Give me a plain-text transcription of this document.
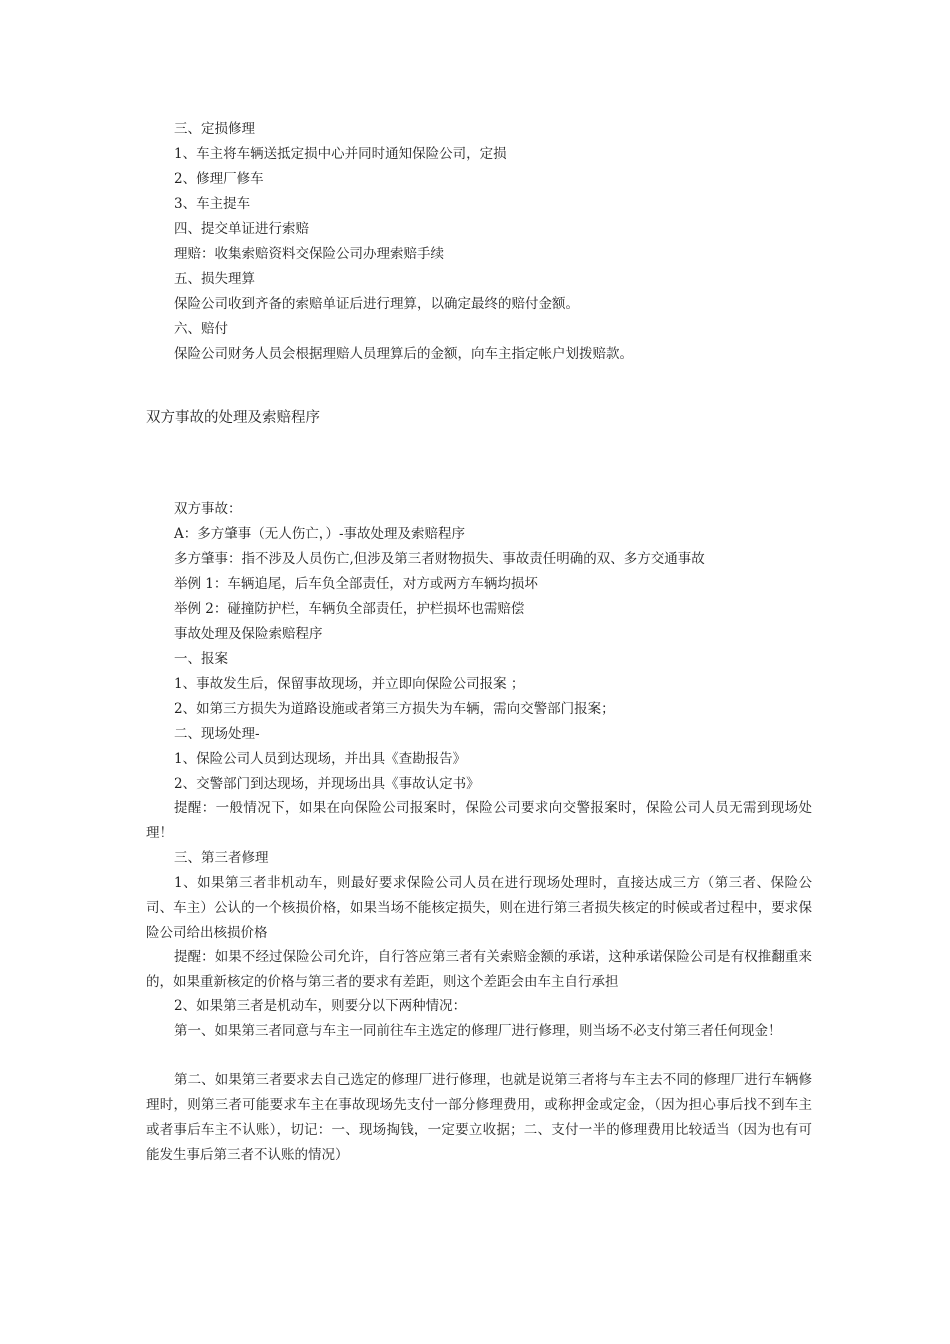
三、定损修理
1、车主将车辆送抵定损中心并同时通知保险公司，定损
2、修理厂修车
3、车主提车
四、提交单证进行索赔
理赔：收集索赔资料交保险公司办理索赔手续
五、损失理算
保险公司收到齐备的索赔单证后进行理算，以确定最终的赔付金额。
六、赔付
保险公司财务人员会根据理赔人员理算后的金额，向车主指定帐户划拨赔款。
双方事故的处理及索赔程序
双方事故：
A：多方肇事（无人伤亡，）-事故处理及索赔程序
多方肇事：指不涉及人员伤亡,但涉及第三者财物损失、事故责任明确的双、多方交通事故
举例 1：车辆追尾，后车负全部责任，对方或两方车辆均损坏
举例 2：碰撞防护栏，车辆负全部责任，护栏损坏也需赔偿
事故处理及保险索赔程序
一、报案
1、事故发生后，保留事故现场，并立即向保险公司报案 ；
2、如第三方损失为道路设施或者第三方损失为车辆，需向交警部门报案；
二、现场处理-
1、保险公司人员到达现场，并出具《查勘报告》
2、交警部门到达现场，并现场出具《事故认定书》

提醒：一般情况下，如果在向保险公司报案时，保险公司要求向交警报案时，保险公司人员无需到现场处理！

三、第三者修理

1、如果第三者非机动车，则最好要求保险公司人员在进行现场处理时，直接达成三方（第三者、保险公司、车主）公认的一个核损价格，如果当场不能核定损失，则在进行第三者损失核定的时候或者过程中，要求保险公司给出核损价格

提醒：如果不经过保险公司允许，自行答应第三者有关索赔金额的承诺，这种承诺保险公司是有权推翻重来的，如果重新核定的价格与第三者的要求有差距，则这个差距会由车主自行承担

2、如果第三者是机动车，则要分以下两种情况：

第一、如果第三者同意与车主一同前往车主选定的修理厂进行修理，则当场不必支付第三者任何现金！

第二、如果第三者要求去自己选定的修理厂进行修理，也就是说第三者将与车主去不同的修理厂进行车辆修理时，则第三者可能要求车主在事故现场先支付一部分修理费用，或称押金或定金，（因为担心事后找不到车主或者事后车主不认账），切记：一、现场掏钱，一定要立收据；二、支付一半的修理费用比较适当（因为也有可能发生事后第三者不认账的情况）
